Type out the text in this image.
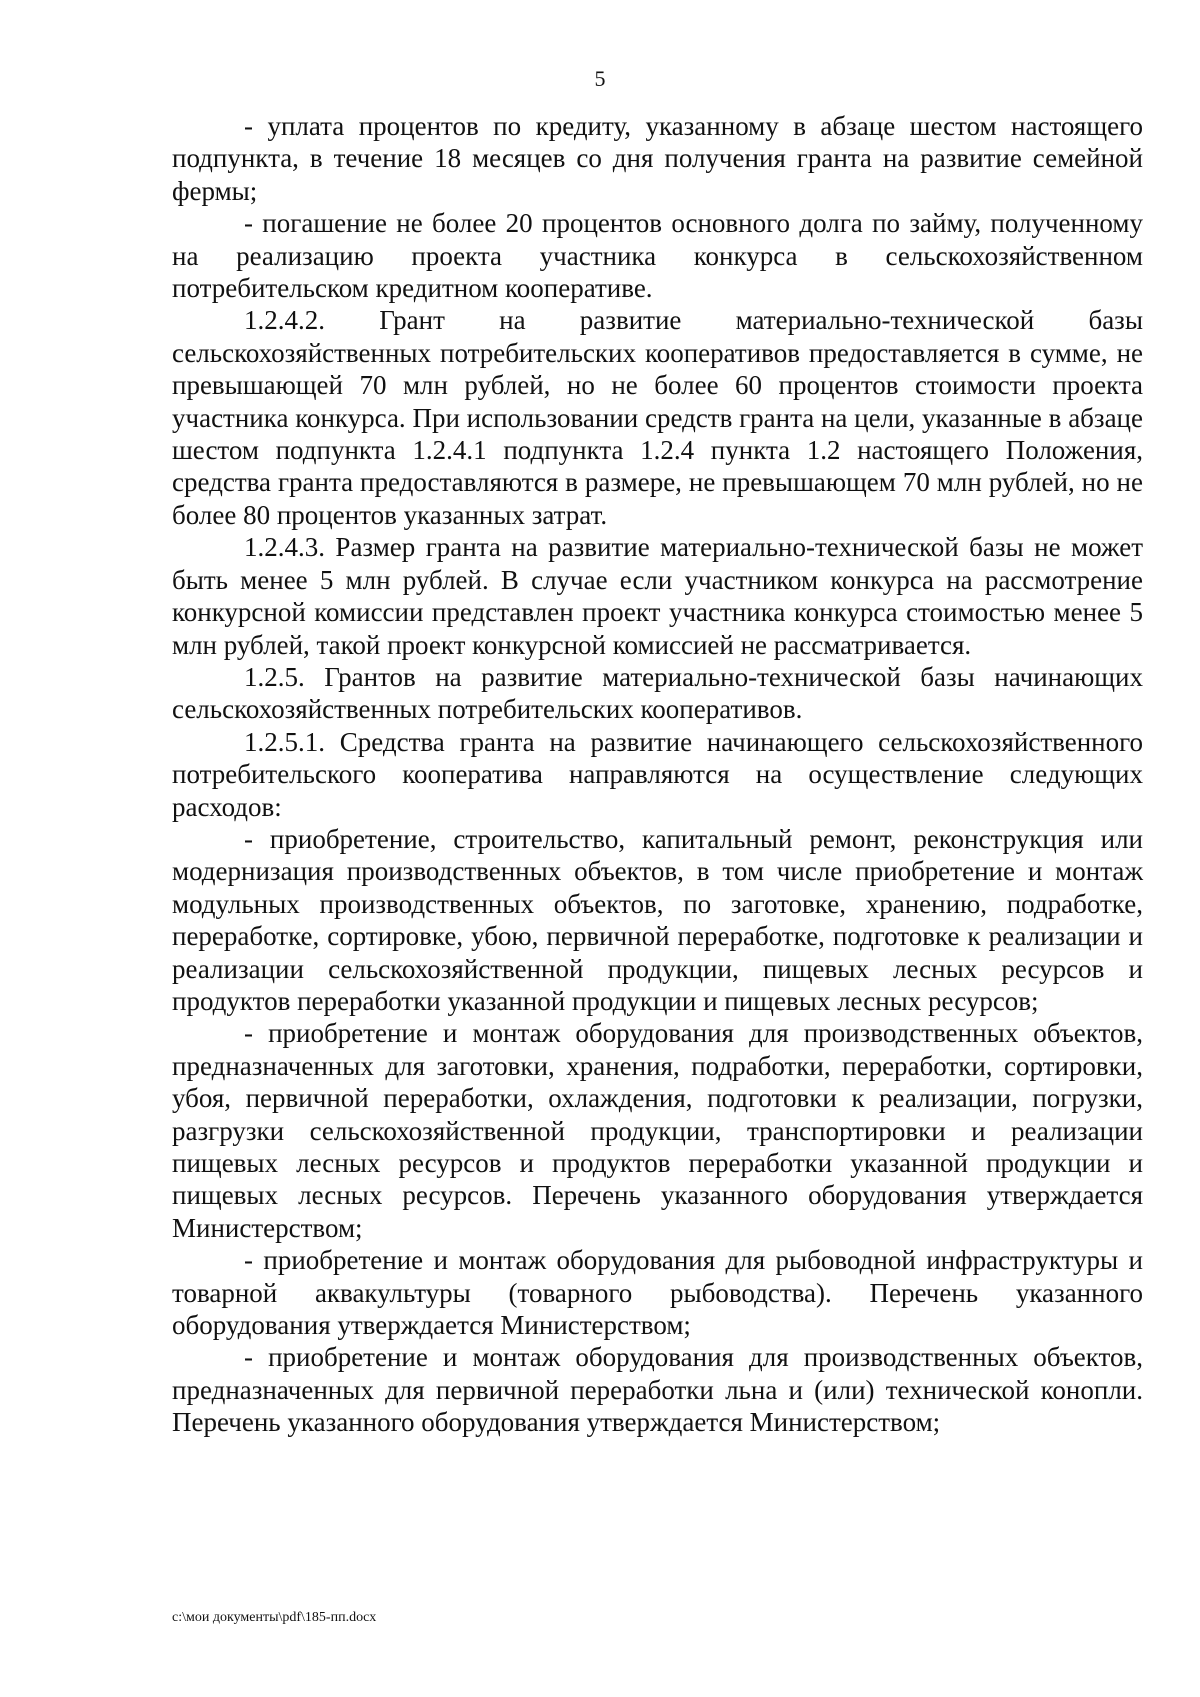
5

- уплата процентов по кредиту, указанному в абзаце шестом настоящего подпункта, в течение 18 месяцев со дня получения гранта на развитие семейной фермы;

- погашение не более 20 процентов основного долга по займу, полученному на реализацию проекта участника конкурса в сельскохозяйственном потребительском кредитном кооперативе.

1.2.4.2. Грант на развитие материально-технической базы сельскохозяйственных потребительских кооперативов предоставляется в сумме, не превышающей 70 млн рублей, но не более 60 процентов стоимости проекта участника конкурса. При использовании средств гранта на цели, указанные в абзаце шестом подпункта 1.2.4.1 подпункта 1.2.4 пункта 1.2 настоящего Положения, средства гранта предоставляются в размере, не превышающем 70 млн рублей, но не более 80 процентов указанных затрат.

1.2.4.3. Размер гранта на развитие материально-технической базы не может быть менее 5 млн рублей. В случае если участником конкурса на рассмотрение конкурсной комиссии представлен проект участника конкурса стоимостью менее 5 млн рублей, такой проект конкурсной комиссией не рассматривается.

1.2.5. Грантов на развитие материально-технической базы начинающих сельскохозяйственных потребительских кооперативов.

1.2.5.1. Средства гранта на развитие начинающего сельскохозяйственного потребительского кооператива направляются на осуществление следующих расходов:

- приобретение, строительство, капитальный ремонт, реконструкция или модернизация производственных объектов, в том числе приобретение и монтаж модульных производственных объектов, по заготовке, хранению, подработке, переработке, сортировке, убою, первичной переработке, подготовке к реализации и реализации сельскохозяйственной продукции, пищевых лесных ресурсов и продуктов переработки указанной продукции и пищевых лесных ресурсов;

- приобретение и монтаж оборудования для производственных объектов, предназначенных для заготовки, хранения, подработки, переработки, сортировки, убоя, первичной переработки, охлаждения, подготовки к реализации, погрузки, разгрузки сельскохозяйственной продукции, транспортировки и реализации пищевых лесных ресурсов и продуктов переработки указанной продукции и пищевых лесных ресурсов. Перечень указанного оборудования утверждается Министерством;

- приобретение и монтаж оборудования для рыбоводной инфраструктуры и товарной аквакультуры (товарного рыбоводства). Перечень указанного оборудования утверждается Министерством;

- приобретение и монтаж оборудования для производственных объектов, предназначенных для первичной переработки льна и (или) технической конопли. Перечень указанного оборудования утверждается Министерством;

c:\мои документы\pdf\185-пп.docx
